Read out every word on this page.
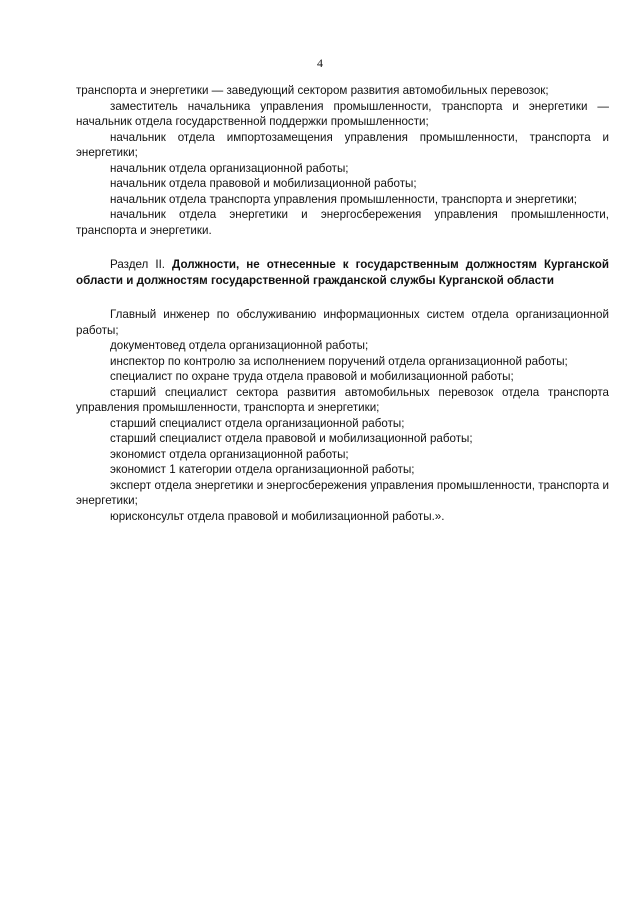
4

транспорта и энергетики — заведующий сектором развития автомобильных перевозок;

заместитель начальника управления промышленности, транспорта и энергетики — начальник отдела государственной поддержки промышленности;

начальник отдела импортозамещения управления промышленности, транспорта и энергетики;

начальник отдела организационной работы;

начальник отдела правовой и мобилизационной работы;

начальник отдела транспорта управления промышленности, транспорта и энергетики;

начальник отдела энергетики и энергосбережения управления промышленности, транспорта и энергетики.

Раздел II. Должности, не отнесенные к государственным должностям Курганской области и должностям государственной гражданской службы Курганской области

Главный инженер по обслуживанию информационных систем отдела организационной работы;

документовед отдела организационной работы;

инспектор по контролю за исполнением поручений отдела организационной работы;

специалист по охране труда отдела правовой и мобилизационной работы;

старший специалист сектора развития автомобильных перевозок отдела транспорта управления промышленности, транспорта и энергетики;

старший специалист отдела организационной работы;

старший специалист отдела правовой и мобилизационной работы;

экономист отдела организационной работы;

экономист 1 категории отдела организационной работы;

эксперт отдела энергетики и энергосбережения управления промышленности, транспорта и энергетики;

юрисконсульт отдела правовой и мобилизационной работы.».
